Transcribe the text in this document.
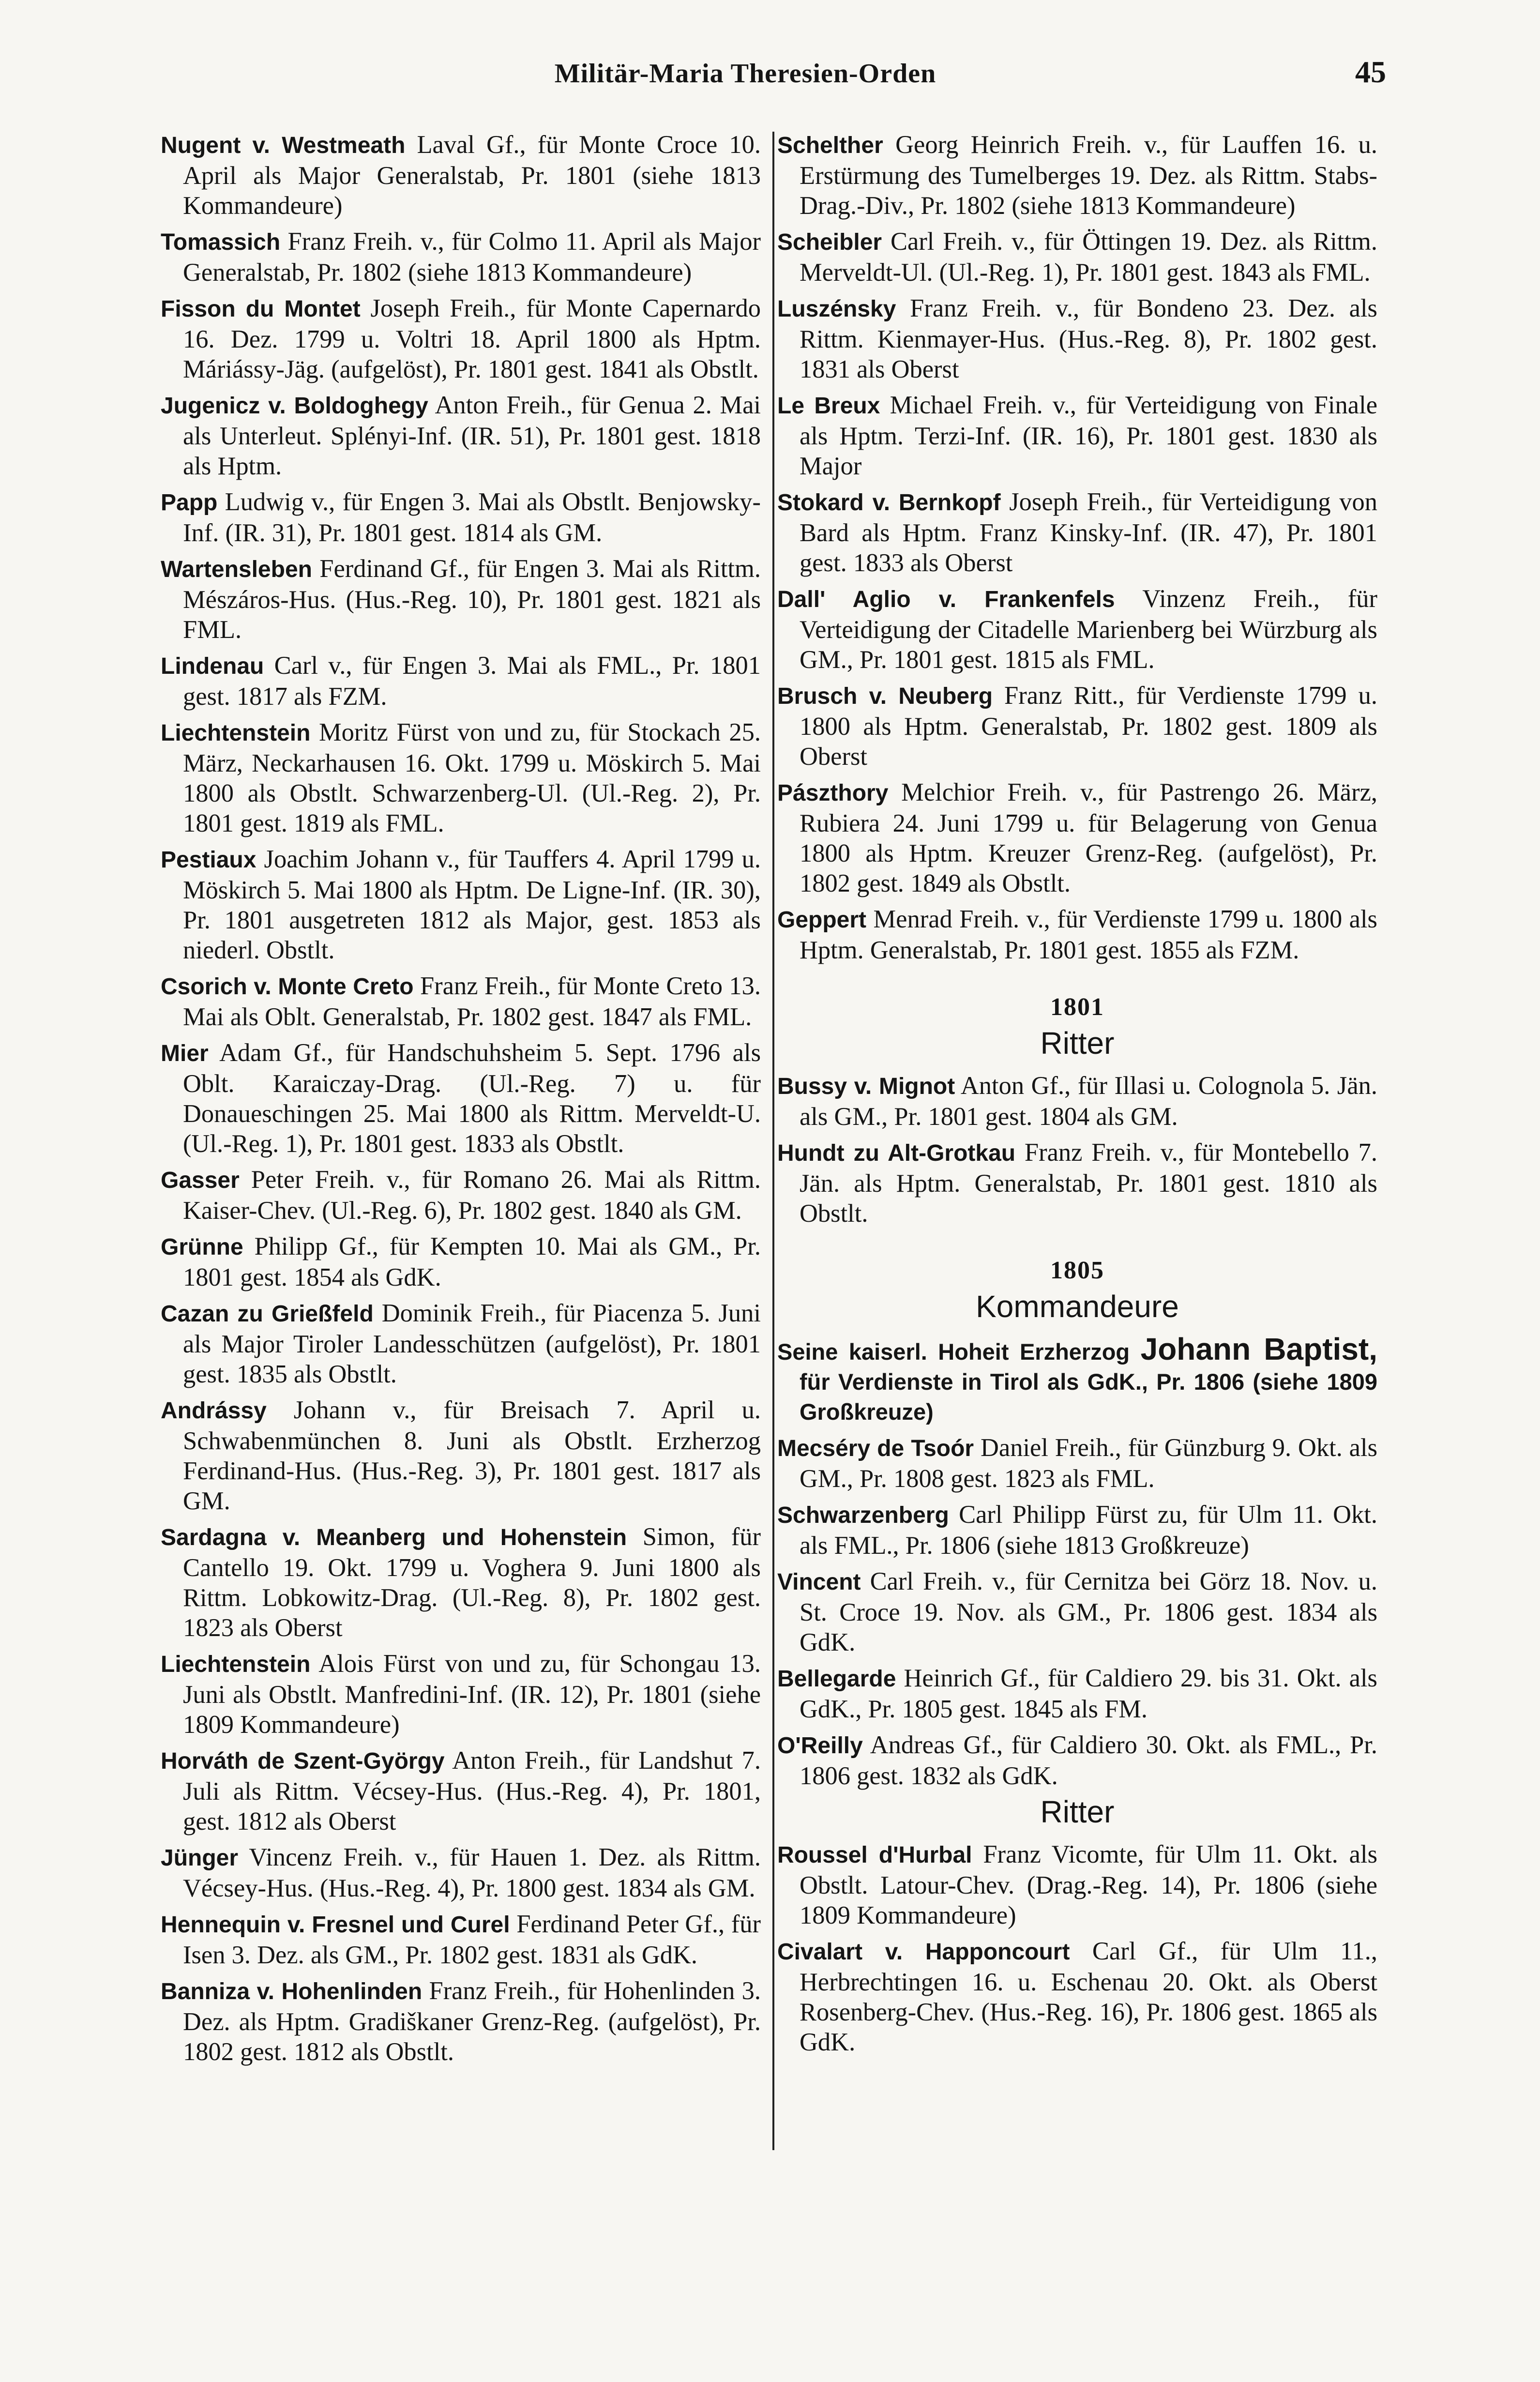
Militär-Maria Theresien-Orden	45

Nugent v. Westmeath Laval Gf., für Monte Croce 10. April als Major Generalstab, Pr. 1801 (siehe 1813 Kommandeure)

Tomassich Franz Freih. v., für Colmo 11. April als Major Generalstab, Pr. 1802 (siehe 1813 Kommandeure)

Fisson du Montet Joseph Freih., für Monte Capernardo 16. Dez. 1799 u. Voltri 18. April 1800 als Hptm. Máriássy-Jäg. (aufgelöst), Pr. 1801 gest. 1841 als Obstlt.

Jugenicz v. Boldoghegy Anton Freih., für Genua 2. Mai als Unterleut. Splényi-Inf. (IR. 51), Pr. 1801 gest. 1818 als Hptm.

Papp Ludwig v., für Engen 3. Mai als Obstlt. Benjowsky-Inf. (IR. 31), Pr. 1801 gest. 1814 als GM.

Wartensleben Ferdinand Gf., für Engen 3. Mai als Rittm. Mészáros-Hus. (Hus.-Reg. 10), Pr. 1801 gest. 1821 als FML.

Lindenau Carl v., für Engen 3. Mai als FML., Pr. 1801 gest. 1817 als FZM.

Liechtenstein Moritz Fürst von und zu, für Stockach 25. März, Neckarhausen 16. Okt. 1799 u. Möskirch 5. Mai 1800 als Obstlt. Schwarzenberg-Ul. (Ul.-Reg. 2), Pr. 1801 gest. 1819 als FML.

Pestiaux Joachim Johann v., für Tauffers 4. April 1799 u. Möskirch 5. Mai 1800 als Hptm. De Ligne-Inf. (IR. 30), Pr. 1801 ausgetreten 1812 als Major, gest. 1853 als niederl. Obstlt.

Csorich v. Monte Creto Franz Freih., für Monte Creto 13. Mai als Oblt. Generalstab, Pr. 1802 gest. 1847 als FML.

Mier Adam Gf., für Handschuhsheim 5. Sept. 1796 als Oblt. Karaiczay-Drag. (Ul.-Reg. 7) u. für Donaueschingen 25. Mai 1800 als Rittm. Merveldt-U. (Ul.-Reg. 1), Pr. 1801 gest. 1833 als Obstlt.

Gasser Peter Freih. v., für Romano 26. Mai als Rittm. Kaiser-Chev. (Ul.-Reg. 6), Pr. 1802 gest. 1840 als GM.

Grünne Philipp Gf., für Kempten 10. Mai als GM., Pr. 1801 gest. 1854 als GdK.

Cazan zu Grießfeld Dominik Freih., für Piacenza 5. Juni als Major Tiroler Landesschützen (aufgelöst), Pr. 1801 gest. 1835 als Obstlt.

Andrássy Johann v., für Breisach 7. April u. Schwabenmünchen 8. Juni als Obstlt. Erzherzog Ferdinand-Hus. (Hus.-Reg. 3), Pr. 1801 gest. 1817 als GM.

Sardagna v. Meanberg und Hohenstein Simon, für Cantello 19. Okt. 1799 u. Voghera 9. Juni 1800 als Rittm. Lobkowitz-Drag. (Ul.-Reg. 8), Pr. 1802 gest. 1823 als Oberst

Liechtenstein Alois Fürst von und zu, für Schongau 13. Juni als Obstlt. Manfredini-Inf. (IR. 12), Pr. 1801 (siehe 1809 Kommandeure)

Horváth de Szent-György Anton Freih., für Landshut 7. Juli als Rittm. Vécsey-Hus. (Hus.-Reg. 4), Pr. 1801, gest. 1812 als Oberst

Jünger Vincenz Freih. v., für Hauen 1. Dez. als Rittm. Vécsey-Hus. (Hus.-Reg. 4), Pr. 1800 gest. 1834 als GM.

Hennequin v. Fresnel und Curel Ferdinand Peter Gf., für Isen 3. Dez. als GM., Pr. 1802 gest. 1831 als GdK.

Banniza v. Hohenlinden Franz Freih., für Hohenlinden 3. Dez. als Hptm. Gradiškaner Grenz-Reg. (aufgelöst), Pr. 1802 gest. 1812 als Obstlt.

Schelther Georg Heinrich Freih. v., für Lauffen 16. u. Erstürmung des Tumelberges 19. Dez. als Rittm. Stabs-Drag.-Div., Pr. 1802 (siehe 1813 Kommandeure)

Scheibler Carl Freih. v., für Öttingen 19. Dez. als Rittm. Merveldt-Ul. (Ul.-Reg. 1), Pr. 1801 gest. 1843 als FML.

Luszénsky Franz Freih. v., für Bondeno 23. Dez. als Rittm. Kienmayer-Hus. (Hus.-Reg. 8), Pr. 1802 gest. 1831 als Oberst

Le Breux Michael Freih. v., für Verteidigung von Finale als Hptm. Terzi-Inf. (IR. 16), Pr. 1801 gest. 1830 als Major

Stokard v. Bernkopf Joseph Freih., für Verteidigung von Bard als Hptm. Franz Kinsky-Inf. (IR. 47), Pr. 1801 gest. 1833 als Oberst

Dall' Aglio v. Frankenfels Vinzenz Freih., für Verteidigung der Citadelle Marienberg bei Würzburg als GM., Pr. 1801 gest. 1815 als FML.

Brusch v. Neuberg Franz Ritt., für Verdienste 1799 u. 1800 als Hptm. Generalstab, Pr. 1802 gest. 1809 als Oberst

Pászthory Melchior Freih. v., für Pastrengo 26. März, Rubiera 24. Juni 1799 u. für Belagerung von Genua 1800 als Hptm. Kreuzer Grenz-Reg. (aufgelöst), Pr. 1802 gest. 1849 als Obstlt.

Geppert Menrad Freih. v., für Verdienste 1799 u. 1800 als Hptm. Generalstab, Pr. 1801 gest. 1855 als FZM.

1801
Ritter

Bussy v. Mignot Anton Gf., für Illasi u. Colognola 5. Jän. als GM., Pr. 1801 gest. 1804 als GM.

Hundt zu Alt-Grotkau Franz Freih. v., für Montebello 7. Jän. als Hptm. Generalstab, Pr. 1801 gest. 1810 als Obstlt.

1805
Kommandeure

Seine kaiserl. Hoheit Erzherzog Johann Baptist, für Verdienste in Tirol als GdK., Pr. 1806 (siehe 1809 Großkreuze)

Mecséry de Tsoór Daniel Freih., für Günzburg 9. Okt. als GM., Pr. 1808 gest. 1823 als FML.

Schwarzenberg Carl Philipp Fürst zu, für Ulm 11. Okt. als FML., Pr. 1806 (siehe 1813 Großkreuze)

Vincent Carl Freih. v., für Cernitza bei Görz 18. Nov. u. St. Croce 19. Nov. als GM., Pr. 1806 gest. 1834 als GdK.

Bellegarde Heinrich Gf., für Caldiero 29. bis 31. Okt. als GdK., Pr. 1805 gest. 1845 als FM.

O'Reilly Andreas Gf., für Caldiero 30. Okt. als FML., Pr. 1806 gest. 1832 als GdK.

Ritter

Roussel d'Hurbal Franz Vicomte, für Ulm 11. Okt. als Obstlt. Latour-Chev. (Drag.-Reg. 14), Pr. 1806 (siehe 1809 Kommandeure)

Civalart v. Happoncourt Carl Gf., für Ulm 11., Herbrechtingen 16. u. Eschenau 20. Okt. als Oberst Rosenberg-Chev. (Hus.-Reg. 16), Pr. 1806 gest. 1865 als GdK.
